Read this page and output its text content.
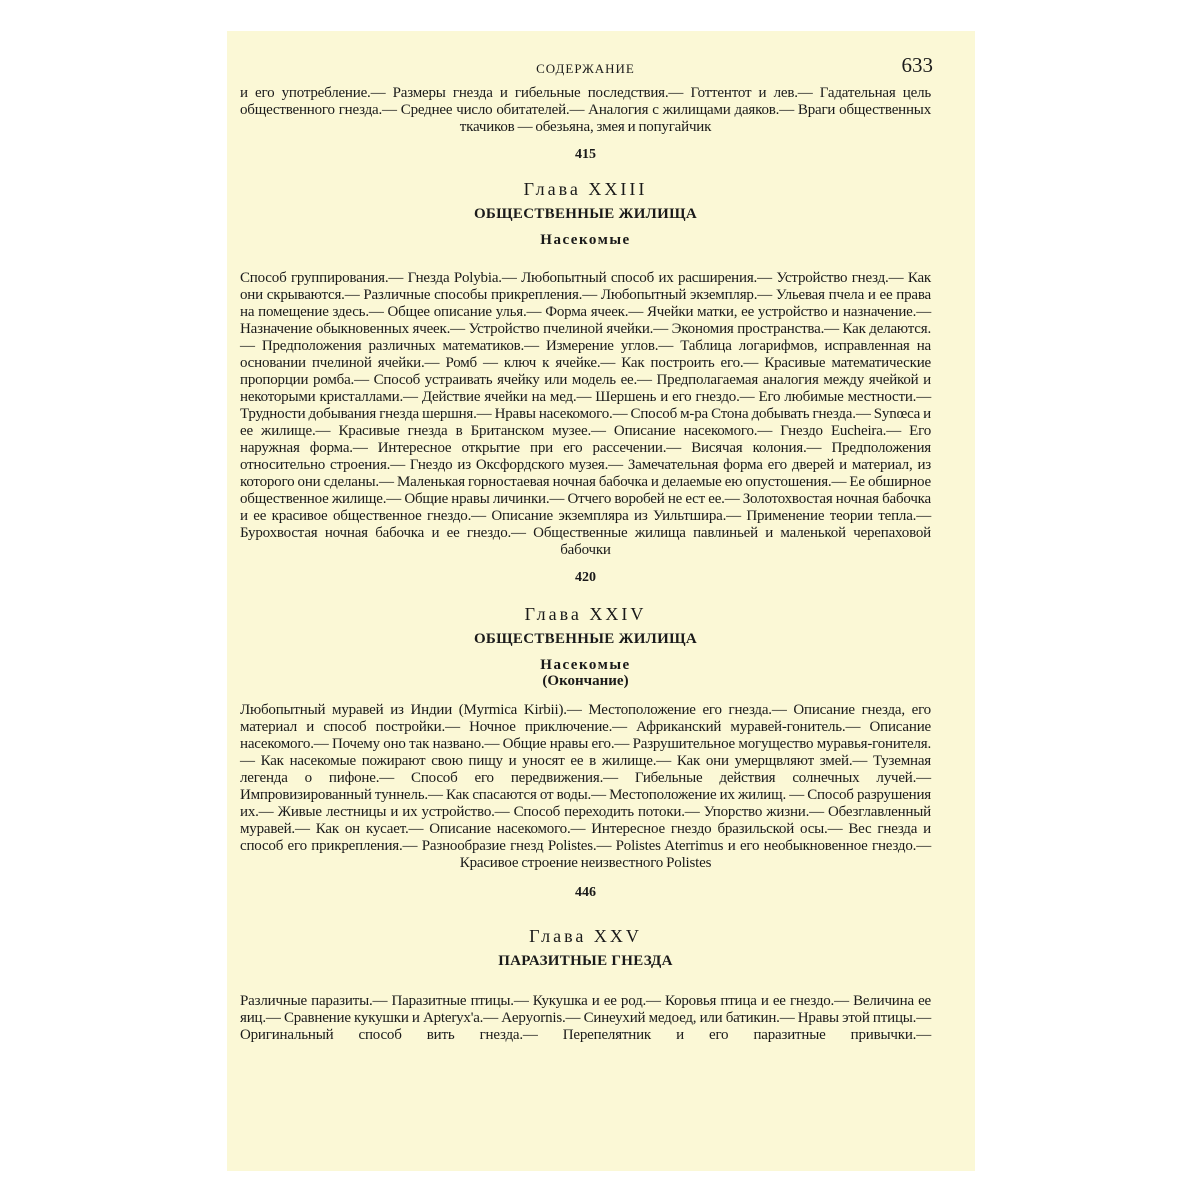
СОДЕРЖАНИЕ	633

и его употребление.— Размеры гнезда и гибельные последствия.— Готтентот и лев.— Гадательная цель общественного гнезда.— Среднее число обитателей.— Аналогия с жилищами даяков.— Враги общественных ткачиков — обезьяна, змея и попугайчик

415

Глава XXIII

ОБЩЕСТВЕННЫЕ ЖИЛИЩА

Насекомые

Способ группирования.— Гнезда Polybia.— Любопытный способ их расширения.— Устройство гнезд.— Как они скрываются.— Различные способы прикрепления.— Любопытный экземпляр.— Ульевая пчела и ее права на помещение здесь.— Общее описание улья.— Форма ячеек.— Ячейки матки, ее устройство и назначение.— Назначение обыкновенных ячеек.— Устройство пчелиной ячейки.— Экономия пространства.— Как делаются.— Предположения различных математиков.— Измерение углов.— Таблица логарифмов, исправленная на основании пчелиной ячейки.— Ромб — ключ к ячейке.— Как построить его.— Красивые математические пропорции ромба.— Способ устраивать ячейку или модель ее.— Предполагаемая аналогия между ячейкой и некоторыми кристаллами.— Действие ячейки на мед.— Шершень и его гнездо.— Его любимые местности.— Трудности добывания гнезда шершня.— Нравы насекомого.— Способ м-ра Стона добывать гнезда.— Synœca и ее жилище.— Красивые гнезда в Британском музее.— Описание насекомого.— Гнездо Eucheira.— Его наружная форма.— Интересное открытие при его рассечении.— Висячая колония.— Предположения относительно строения.— Гнездо из Оксфордского музея.— Замечательная форма его дверей и материал, из которого они сделаны.— Маленькая горностаевая ночная бабочка и делаемые ею опустошения.— Ее обширное общественное жилище.— Общие нравы личинки.— Отчего воробей не ест ее.— Золотохвостая ночная бабочка и ее красивое общественное гнездо.— Описание экземпляра из Уильтшира.— Применение теории тепла.— Бурохвостая ночная бабочка и ее гнездо.— Общественные жилища павлиньей и маленькой черепаховой бабочки

420

Глава XXIV

ОБЩЕСТВЕННЫЕ ЖИЛИЩА

Насекомые

(Окончание)

Любопытный муравей из Индии (Myrmica Kirbii).— Местоположение его гнезда.— Описание гнезда, его материал и способ постройки.— Ночное приключение.— Африканский муравей-гонитель.— Описание насекомого.— Почему оно так названо.— Общие нравы его.— Разрушительное могущество муравья-гонителя.— Как насекомые пожирают свою пищу и уносят ее в жилище.— Как они умерщвляют змей.— Туземная легенда о пифоне.— Способ его передвижения.— Гибельные действия солнечных лучей.— Импровизированный туннель.— Как спасаются от воды.— Местоположение их жилищ. — Способ разрушения их.— Живые лестницы и их устройство.— Способ переходить потоки.— Упорство жизни.— Обезглавленный муравей.— Как он кусает.— Описание насекомого.— Интересное гнездо бразильской осы.— Вес гнезда и способ его прикрепления.— Разнообразие гнезд Polistes.— Polistes Aterrimus и его необыкновенное гнездо.— Красивое строение неизвестного Polistes

446

Глава XXV

ПАРАЗИТНЫЕ ГНЕЗДА

Различные паразиты.— Паразитные птицы.— Кукушка и ее род.— Коровья птица и ее гнездо.— Величина ее яиц.— Сравнение кукушки и Apteryx'а.— Aepyornis.— Синеухий медоед, или батикин.— Нравы этой птицы.— Оригинальный способ вить гнезда.— Перепелятник и его паразитные привычки.—
